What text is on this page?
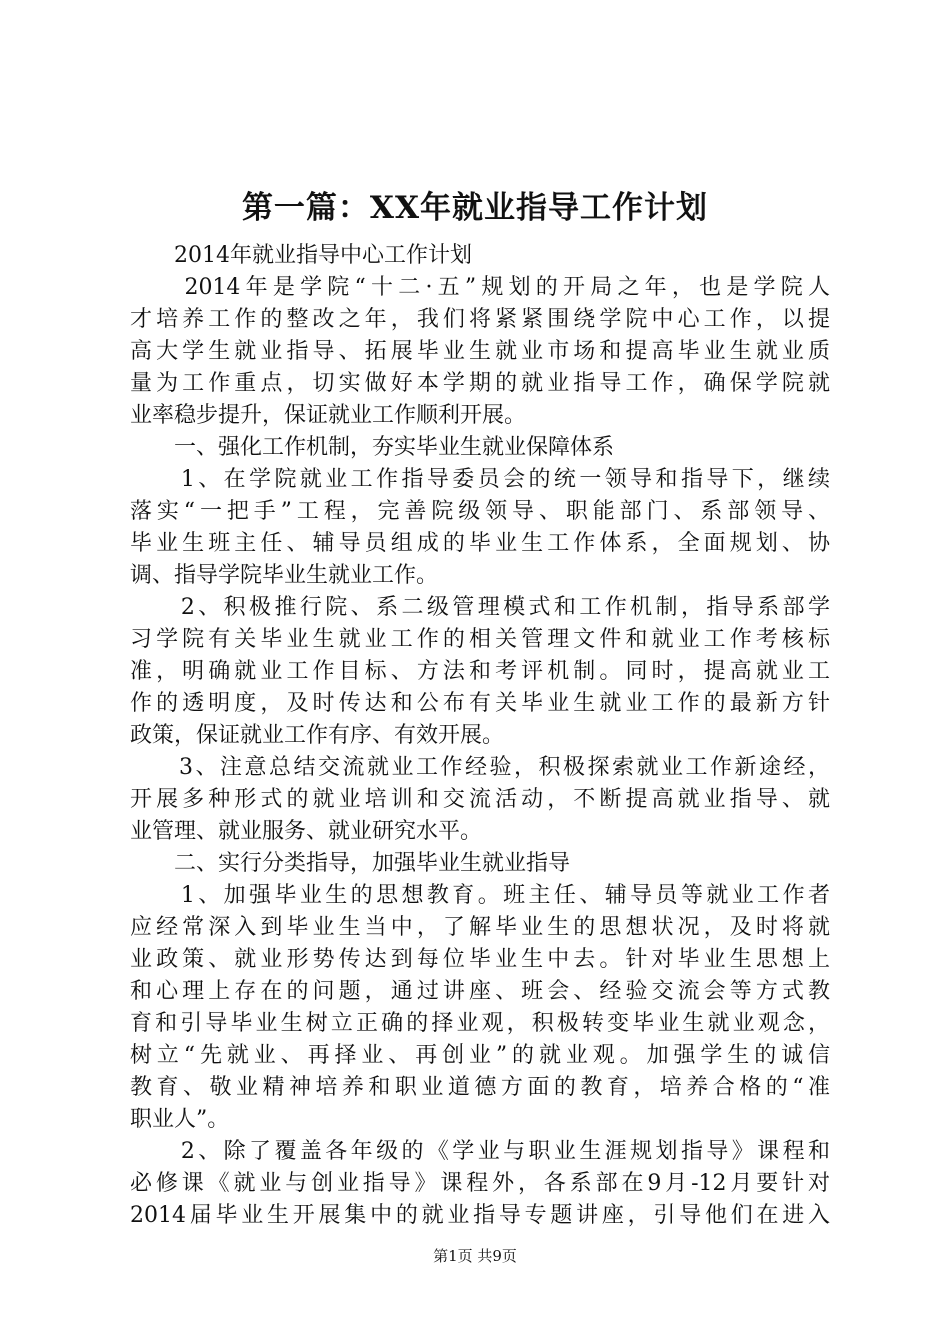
第一篇：XX年就业指导工作计划
　　2014年就业指导中心工作计划
　　2014年是学院“十二·五”规划的开局之年，也是学院人
才培养工作的整改之年，我们将紧紧围绕学院中心工作，以提
高大学生就业指导、拓展毕业生就业市场和提高毕业生就业质
量为工作重点，切实做好本学期的就业指导工作，确保学院就
业率稳步提升，保证就业工作顺利开展。
　　一、强化工作机制，夯实毕业生就业保障体系
　　1、在学院就业工作指导委员会的统一领导和指导下，继续
落实“一把手”工程，完善院级领导、职能部门、系部领导、
毕业生班主任、辅导员组成的毕业生工作体系，全面规划、协
调、指导学院毕业生就业工作。
　　2、积极推行院、系二级管理模式和工作机制，指导系部学
习学院有关毕业生就业工作的相关管理文件和就业工作考核标
准，明确就业工作目标、方法和考评机制。同时，提高就业工
作的透明度，及时传达和公布有关毕业生就业工作的最新方针
政策，保证就业工作有序、有效开展。
　　3、注意总结交流就业工作经验，积极探索就业工作新途经，
开展多种形式的就业培训和交流活动，不断提高就业指导、就
业管理、就业服务、就业研究水平。
　　二、实行分类指导，加强毕业生就业指导
　　1、加强毕业生的思想教育。班主任、辅导员等就业工作者
应经常深入到毕业生当中，了解毕业生的思想状况，及时将就
业政策、就业形势传达到每位毕业生中去。针对毕业生思想上
和心理上存在的问题，通过讲座、班会、经验交流会等方式教
育和引导毕业生树立正确的择业观，积极转变毕业生就业观念，
树立“先就业、再择业、再创业”的就业观。加强学生的诚信
教育、敬业精神培养和职业道德方面的教育，培养合格的“准
职业人”。
　　2、除了覆盖各年级的《学业与职业生涯规划指导》课程和
必修课《就业与创业指导》课程外，各系部在9月-12月要针对
2014届毕业生开展集中的就业指导专题讲座，引导他们在进入
第1页 共9页
